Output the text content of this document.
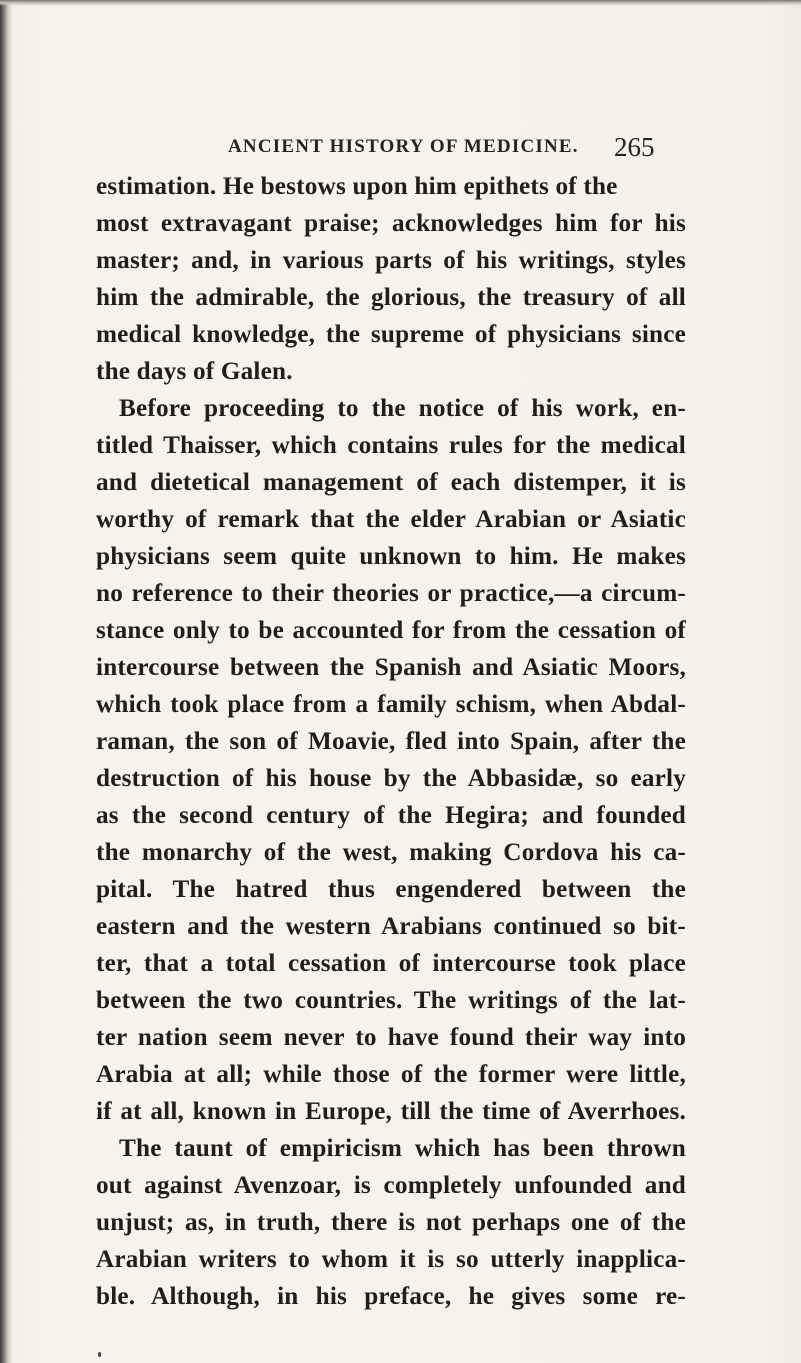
ANCIENT HISTORY OF MEDICINE. 265
estimation. He bestows upon him epithets of the
most extravagant praise; acknowledges him for his
master; and, in various parts of his writings, styles
him the admirable, the glorious, the treasury of all
medical knowledge, the supreme of physicians since
the days of Galen.
Before proceeding to the notice of his work, en-
titled Thaisser, which contains rules for the medical
and dietetical management of each distemper, it is
worthy of remark that the elder Arabian or Asiatic
physicians seem quite unknown to him. He makes
no reference to their theories or practice,—a circum-
stance only to be accounted for from the cessation of
intercourse between the Spanish and Asiatic Moors,
which took place from a family schism, when Abdal-
raman, the son of Moavie, fled into Spain, after the
destruction of his house by the Abbasidæ, so early
as the second century of the Hegira; and founded
the monarchy of the west, making Cordova his ca-
pital. The hatred thus engendered between the
eastern and the western Arabians continued so bit-
ter, that a total cessation of intercourse took place
between the two countries. The writings of the lat-
ter nation seem never to have found their way into
Arabia at all; while those of the former were little,
if at all, known in Europe, till the time of Averrhoes.
The taunt of empiricism which has been thrown
out against Avenzoar, is completely unfounded and
unjust; as, in truth, there is not perhaps one of the
Arabian writers to whom it is so utterly inapplica-
ble. Although, in his preface, he gives some re-
